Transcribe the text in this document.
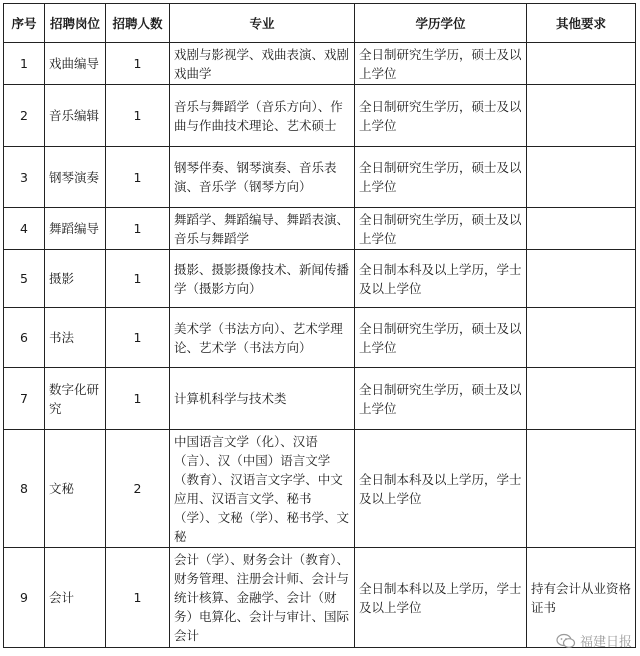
序号	招聘岗位	招聘人数	专业	学历学位	其他要求
1	戏曲编导	1	戏剧与影视学、戏曲表演、戏剧戏曲学	全日制研究生学历，硕士及以上学位	
2	音乐编辑	1	音乐与舞蹈学（音乐方向）、作曲与作曲技术理论、艺术硕士	全日制研究生学历，硕士及以上学位	
3	钢琴演奏	1	钢琴伴奏、钢琴演奏、音乐表演、音乐学（钢琴方向）	全日制研究生学历，硕士及以上学位	
4	舞蹈编导	1	舞蹈学、舞蹈编导、舞蹈表演、音乐与舞蹈学	全日制研究生学历，硕士及以上学位	
5	摄影	1	摄影、摄影摄像技术、新闻传播学（摄影方向）	全日制本科及以上学历，学士及以上学位	
6	书法	1	美术学（书法方向）、艺术学理论、艺术学（书法方向）	全日制研究生学历，硕士及以上学位	
7	数字化研究	1	计算机科学与技术类	全日制研究生学历，硕士及以上学位	
8	文秘	2	中国语言文学（化）、汉语（言）、汉（中国）语言文学（教育）、汉语言文字学、中文应用、汉语言文学、秘书（学）、文秘（学）、秘书学、文秘	全日制本科及以上学历，学士及以上学位	
9	会计	1	会计（学）、财务会计（教育）、财务管理、注册会计师、会计与统计核算、金融学、会计（财务）电算化、会计与审计、国际会计	全日制本科以及上学历，学士及以上学位	持有会计从业资格证书
福建日报
